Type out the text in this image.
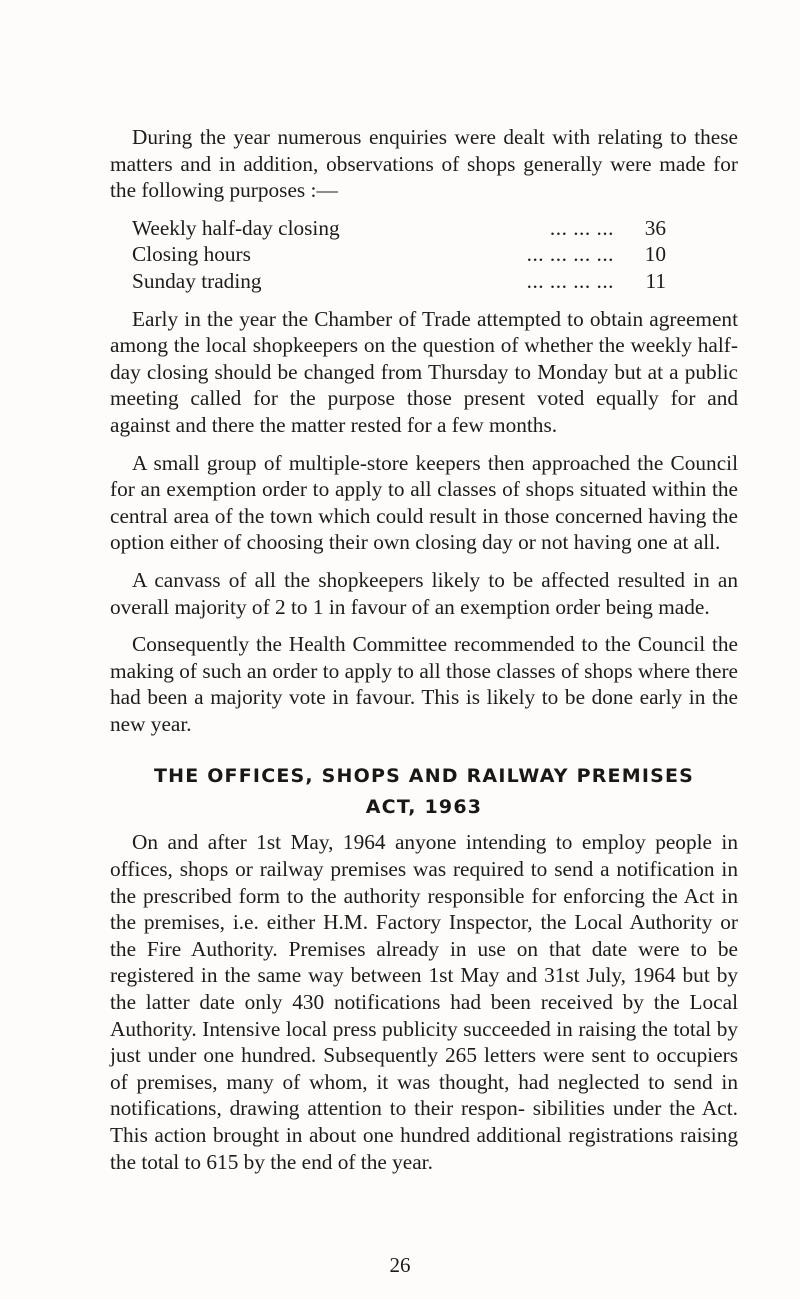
During the year numerous enquiries were dealt with relating to these matters and in addition, observations of shops generally were made for the following purposes :—

Weekly half-day closing	... ... ...	36
Closing hours	... ... ... ...	10
Sunday trading	... ... ... ...	11

Early in the year the Chamber of Trade attempted to obtain agreement among the local shopkeepers on the question of whether the weekly half-day closing should be changed from Thursday to Monday but at a public meeting called for the purpose those present voted equally for and against and there the matter rested for a few months.

A small group of multiple-store keepers then approached the Council for an exemption order to apply to all classes of shops situated within the central area of the town which could result in those concerned having the option either of choosing their own closing day or not having one at all.

A canvass of all the shopkeepers likely to be affected resulted in an overall majority of 2 to 1 in favour of an exemption order being made.

Consequently the Health Committee recommended to the Council the making of such an order to apply to all those classes of shops where there had been a majority vote in favour. This is likely to be done early in the new year.

THE OFFICES, SHOPS AND RAILWAY PREMISES
ACT, 1963

On and after 1st May, 1964 anyone intending to employ people in offices, shops or railway premises was required to send a notification in the prescribed form to the authority responsible for enforcing the Act in the premises, i.e. either H.M. Factory Inspector, the Local Authority or the Fire Authority. Premises already in use on that date were to be registered in the same way between 1st May and 31st July, 1964 but by the latter date only 430 notifications had been received by the Local Authority. Intensive local press publicity succeeded in raising the total by just under one hundred. Subsequently 265 letters were sent to occupiers of premises, many of whom, it was thought, had neglected to send in notifications, drawing attention to their respon- sibilities under the Act. This action brought in about one hundred additional registrations raising the total to 615 by the end of the year.

26
